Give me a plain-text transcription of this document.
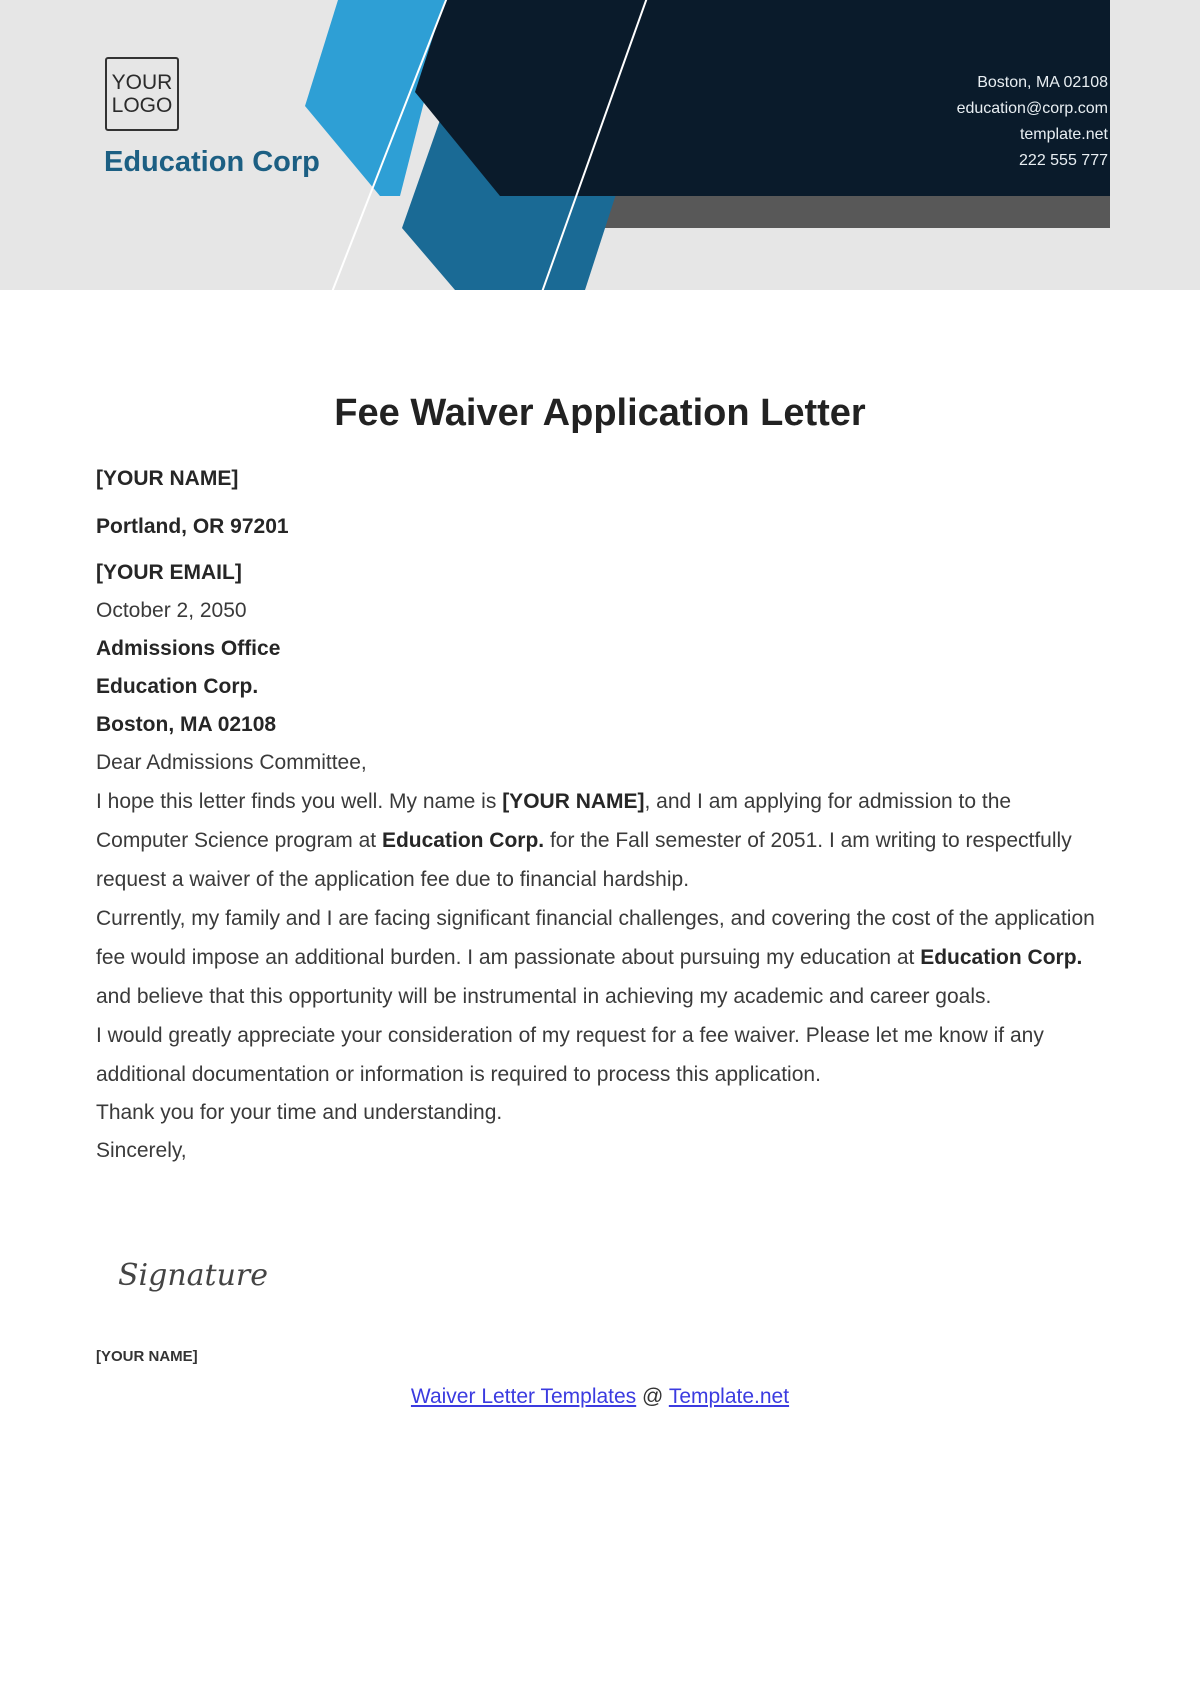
YOUR
LOGO
Education Corp
Boston, MA 02108
education@corp.com
template.net
222 555 777
Fee Waiver Application Letter
[YOUR NAME]
Portland, OR 97201
[YOUR EMAIL]
October 2, 2050
Admissions Office
Education Corp.
Boston, MA 02108
Dear Admissions Committee,
I hope this letter finds you well. My name is [YOUR NAME], and I am applying for admission to the Computer Science program at Education Corp. for the Fall semester of 2051. I am writing to respectfully request a waiver of the application fee due to financial hardship.
Currently, my family and I are facing significant financial challenges, and covering the cost of the application fee would impose an additional burden. I am passionate about pursuing my education at Education Corp. and believe that this opportunity will be instrumental in achieving my academic and career goals.
I would greatly appreciate your consideration of my request for a fee waiver. Please let me know if any additional documentation or information is required to process this application.
Thank you for your time and understanding.
Sincerely,
Signature
[YOUR NAME]
Waiver Letter Templates @ Template.net
